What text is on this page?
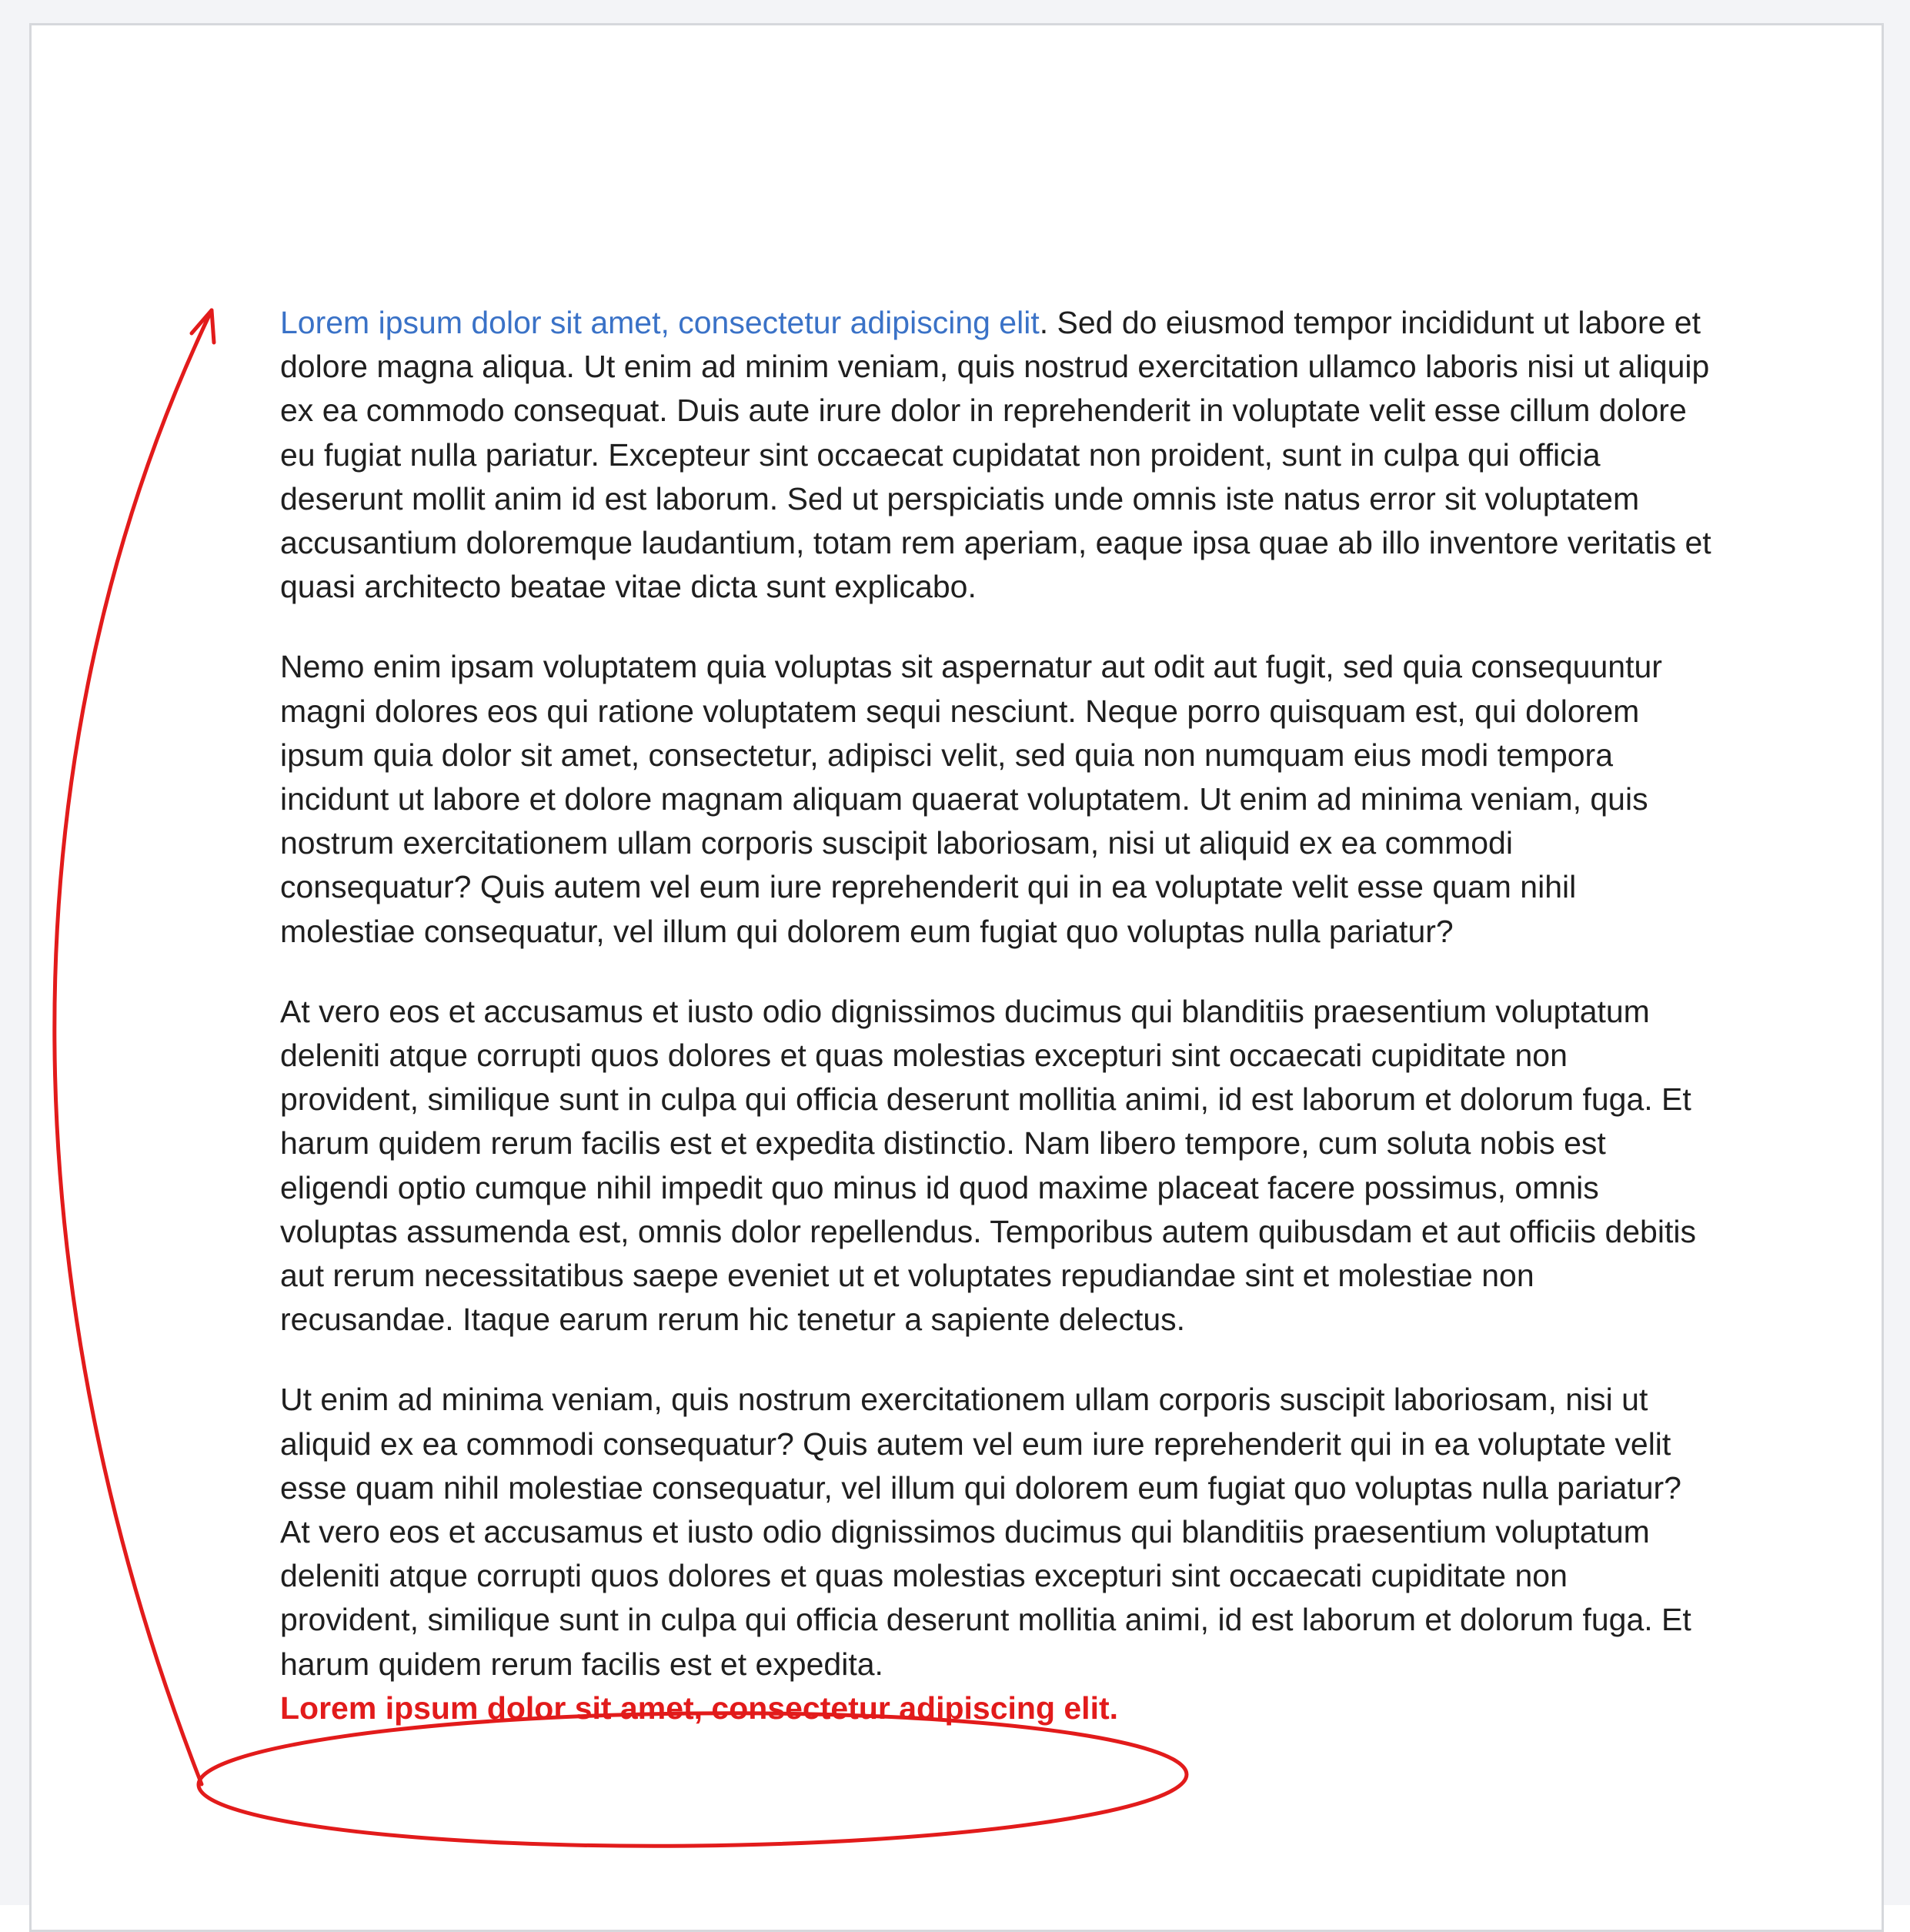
Lorem ipsum dolor sit amet, consectetur adipiscing elit. Sed do eiusmod tempor incididunt ut labore et dolore magna aliqua. Ut enim ad minim veniam, quis nostrud exercitation ullamco laboris nisi ut aliquip ex ea commodo consequat. Duis aute irure dolor in reprehenderit in voluptate velit esse cillum dolore eu fugiat nulla pariatur. Excepteur sint occaecat cupidatat non proident, sunt in culpa qui officia deserunt mollit anim id est laborum. Sed ut perspiciatis unde omnis iste natus error sit voluptatem accusantium doloremque laudantium, totam rem aperiam, eaque ipsa quae ab illo inventore veritatis et quasi architecto beatae vitae dicta sunt explicabo.

Nemo enim ipsam voluptatem quia voluptas sit aspernatur aut odit aut fugit, sed quia consequuntur magni dolores eos qui ratione voluptatem sequi nesciunt. Neque porro quisquam est, qui dolorem ipsum quia dolor sit amet, consectetur, adipisci velit, sed quia non numquam eius modi tempora incidunt ut labore et dolore magnam aliquam quaerat voluptatem. Ut enim ad minima veniam, quis nostrum exercitationem ullam corporis suscipit laboriosam, nisi ut aliquid ex ea commodi consequatur? Quis autem vel eum iure reprehenderit qui in ea voluptate velit esse quam nihil molestiae consequatur, vel illum qui dolorem eum fugiat quo voluptas nulla pariatur?

At vero eos et accusamus et iusto odio dignissimos ducimus qui blanditiis praesentium voluptatum deleniti atque corrupti quos dolores et quas molestias excepturi sint occaecati cupiditate non provident, similique sunt in culpa qui officia deserunt mollitia animi, id est laborum et dolorum fuga. Et harum quidem rerum facilis est et expedita distinctio. Nam libero tempore, cum soluta nobis est eligendi optio cumque nihil impedit quo minus id quod maxime placeat facere possimus, omnis voluptas assumenda est, omnis dolor repellendus. Temporibus autem quibusdam et aut officiis debitis aut rerum necessitatibus saepe eveniet ut et voluptates repudiandae sint et molestiae non recusandae. Itaque earum rerum hic tenetur a sapiente delectus.

Ut enim ad minima veniam, quis nostrum exercitationem ullam corporis suscipit laboriosam, nisi ut aliquid ex ea commodi consequatur? Quis autem vel eum iure reprehenderit qui in ea voluptate velit esse quam nihil molestiae consequatur, vel illum qui dolorem eum fugiat quo voluptas nulla pariatur? At vero eos et accusamus et iusto odio dignissimos ducimus qui blanditiis praesentium voluptatum deleniti atque corrupti quos dolores et quas molestias excepturi sint occaecati cupiditate non provident, similique sunt in culpa qui officia deserunt mollitia animi, id est laborum et dolorum fuga. Et harum quidem rerum facilis est et expedita.
Lorem ipsum dolor sit amet, consectetur adipiscing elit.
